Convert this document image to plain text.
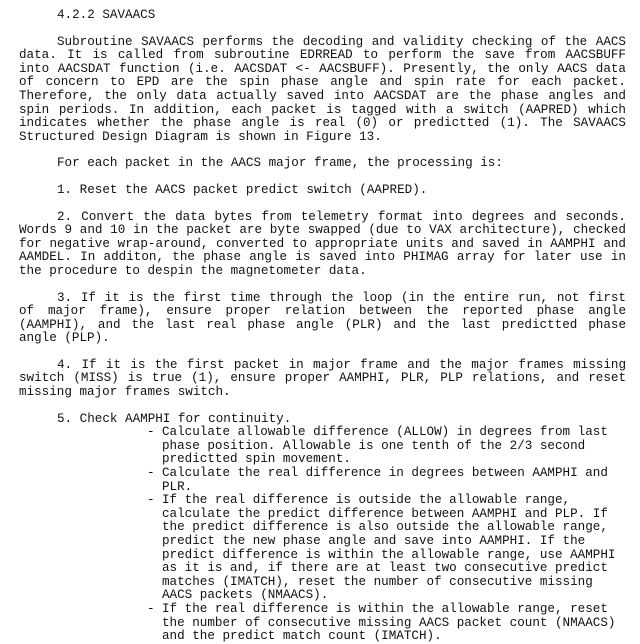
4.2.2 SAVAACS

Subroutine SAVAACS performs the decoding and validity checking of the AACS data. It is called from subroutine EDRREAD to perform the save from AACSBUFF into AACSDAT function (i.e. AACSDAT <- AACSBUFF). Presently, the only AACS data of concern to EPD are the spin phase angle and spin rate for each packet. Therefore, the only data actually saved into AACSDAT are the phase angles and spin periods. In addition, each packet is tagged with a switch (AAPRED) which indicates whether the phase angle is real (0) or predictted (1). The SAVAACS Structured Design Diagram is shown in Figure 13.

For each packet in the AACS major frame, the processing is:

1. Reset the AACS packet predict switch (AAPRED).

2. Convert the data bytes from telemetry format into degrees and seconds. Words 9 and 10 in the packet are byte swapped (due to VAX architecture), checked for negative wrap-around, converted to appropriate units and saved in AAMPHI and AAMDEL. In additon, the phase angle is saved into PHIMAG array for later use in the procedure to despin the magnetometer data.

3. If it is the first time through the loop (in the entire run, not first of major frame), ensure proper relation between the reported phase angle (AAMPHI), and the last real phase angle (PLR) and the last predictted phase angle (PLP).

4. If it is the first packet in major frame and the major frames missing switch (MISS) is true (1), ensure proper AAMPHI, PLR, PLP relations, and reset missing major frames switch.

5. Check AAMPHI for continuity.
- Calculate allowable difference (ALLOW) in degrees from last phase position. Allowable is one tenth of the 2/3 second predictted spin movement.
- Calculate the real difference in degrees between AAMPHI and PLR.
- If the real difference is outside the allowable range, calculate the predict difference between AAMPHI and PLP. If the predict difference is also outside the allowable range, predict the new phase angle and save into AAMPHI. If the predict difference is within the allowable range, use AAMPHI as it is and, if there are at least two consecutive predict matches (IMATCH), reset the number of consecutive missing AACS packets (NMAACS).
- If the real difference is within the allowable range, reset the number of consecutive missing AACS packet count (NMAACS) and the predict match count (IMATCH).
